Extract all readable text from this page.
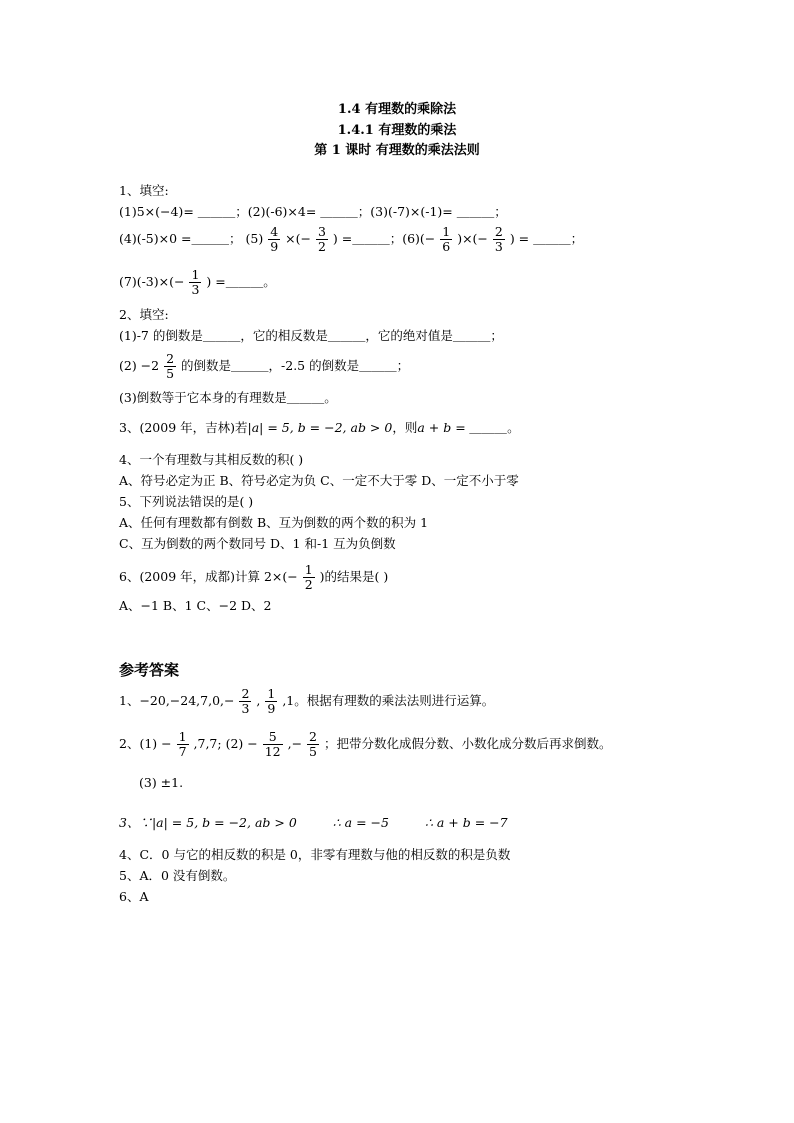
1.4 有理数的乘除法
1.4.1 有理数的乘法
第 1 课时 有理数的乘法法则
1、填空:
(1)5×(−4)= ＿＿＿；(2)(-6)×4= ＿＿＿；(3)(-7)×(-1)= ＿＿＿；
(4)(-5)×0 =＿＿＿； $(5) \frac{4}{9}$ ×(− $\frac{3}{2}$ ) =＿＿＿；$(6)(- \frac{1}{6}$ )×(− $\frac{2}{3}$ ) = ＿＿＿；
$(7)(-3)\times(- \frac{1}{3}$ ) =＿＿＿。
2、填空:
(1)-7 的倒数是＿＿＿，它的相反数是＿＿＿，它的绝对值是＿＿＿；
$(2) -2 \frac{2}{5}$ 的倒数是＿＿＿，-2.5 的倒数是＿＿＿；
(3)倒数等于它本身的有理数是＿＿＿。
3、(2009 年，吉林)若|a| = 5, b = −2, ab > 0，则a + b = ＿＿＿。
4、一个有理数与其相反数的积( )
A、符号必定为正 B、符号必定为负 C、一定不大于零 D、一定不小于零
5、下列说法错误的是( )
A、任何有理数都有倒数 B、互为倒数的两个数的积为 1
C、互为倒数的两个数同号 D、1 和-1 互为负倒数
6、(2009 年，成都)计算 $2\times(- \frac{1}{2}$ )的结果是( )
A、−1 B、1 C、−2 D、2
参考答案
1、$-20,-24,7,0,- \frac{2}{3}$ , $\frac{1}{9} ,1$。根据有理数的乘法法则进行运算。
2、$(1) - \frac{1}{7} ,7,7$; $(2) - \frac{5}{12}$ ,− $\frac{2}{5}$ ；把带分数化成假分数、小数化成分数后再求倒数。
(3) ±1.
3、∵|a| = 5, b = −2, ab > 0	∴ a = −5	∴ a + b = −7
4、C．0 与它的相反数的积是 0，非零有理数与他的相反数的积是负数
5、A．0 没有倒数。
6、A
